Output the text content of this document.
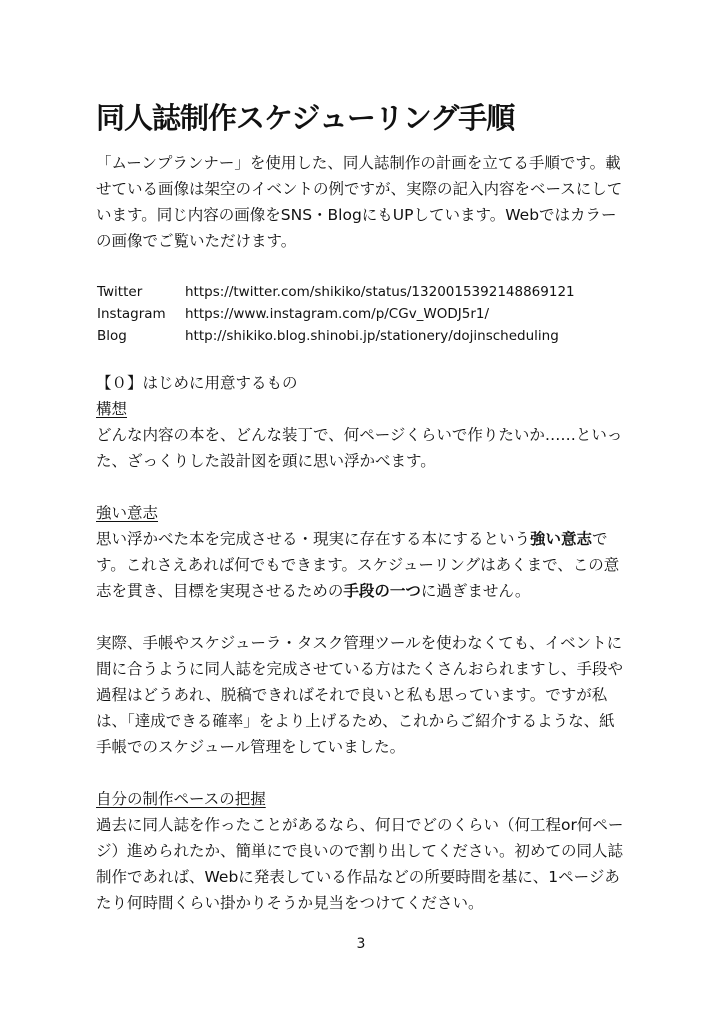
同人誌制作スケジューリング手順

「ムーンプランナー」を使用した、同人誌制作の計画を立てる手順です。載
せている画像は架空のイベントの例ですが、実際の記入内容をベースにして
います。同じ内容の画像をSNS・BlogにもUPしています。Webではカラー
の画像でご覧いただけます。

Twitter	https://twitter.com/shikiko/status/1320015392148869121
Instagram	https://www.instagram.com/p/CGv_WODJ5r1/
Blog	http://shikiko.blog.shinobi.jp/stationery/dojinscheduling
【０】はじめに用意するもの
構想

どんな内容の本を、どんな装丁で、何ページくらいで作りたいか……といっ
た、ざっくりした設計図を頭に思い浮かべます。

強い意志

思い浮かべた本を完成させる・現実に存在する本にするという強い意志で
す。これさえあれば何でもできます。スケジューリングはあくまで、この意
志を貫き、目標を実現させるための手段の一つに過ぎません。

実際、手帳やスケジューラ・タスク管理ツールを使わなくても、イベントに
間に合うように同人誌を完成させている方はたくさんおられますし、手段や
過程はどうあれ、脱稿できればそれで良いと私も思っています。ですが私
は、「達成できる確率」をより上げるため、これからご紹介するような、紙
手帳でのスケジュール管理をしていました。

自分の制作ペースの把握

過去に同人誌を作ったことがあるなら、何日でどのくらい（何工程or何ペー
ジ）進められたか、簡単にで良いので割り出してください。初めての同人誌
制作であれば、Webに発表している作品などの所要時間を基に、1ページあ
たり何時間くらい掛かりそうか見当をつけてください。

3
